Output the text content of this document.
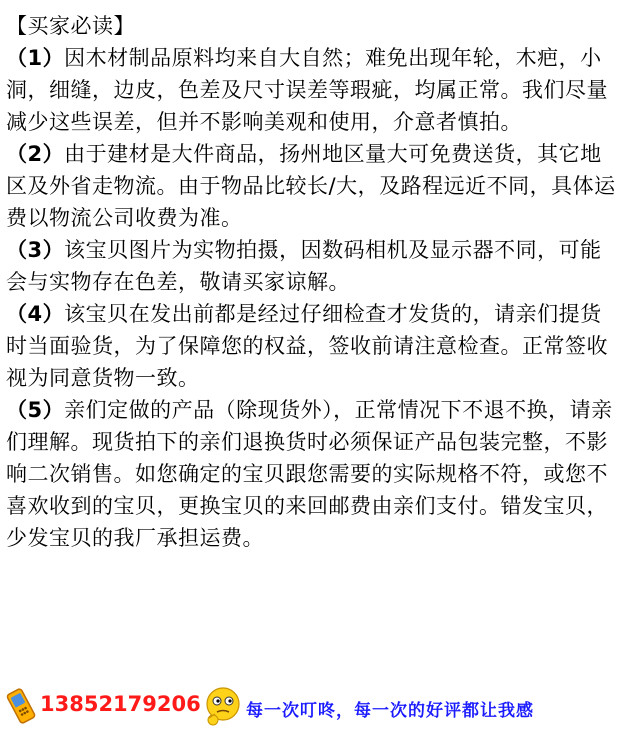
【买家必读】

（1）因木材制品原料均来自大自然；难免出现年轮，木疤，小洞，细缝，边皮，色差及尺寸误差等瑕疵，均属正常。我们尽量减少这些误差，但并不影响美观和使用，介意者慎拍。

（2）由于建材是大件商品，扬州地区量大可免费送货，其它地区及外省走物流。由于物品比较长/大，及路程远近不同，具体运费以物流公司收费为准。

（3）该宝贝图片为实物拍摄，因数码相机及显示器不同，可能会与实物存在色差，敬请买家谅解。

（4）该宝贝在发出前都是经过仔细检查才发货的，请亲们提货时当面验货，为了保障您的权益，签收前请注意检查。正常签收视为同意货物一致。

（5）亲们定做的产品（除现货外），正常情况下不退不换，请亲们理解。现货拍下的亲们退换货时必须保证产品包装完整，不影响二次销售。如您确定的宝贝跟您需要的实际规格不符，或您不喜欢收到的宝贝，更换宝贝的来回邮费由亲们支付。错发宝贝，少发宝贝的我厂承担运费。

13852179206	每一次叮咚，每一次的好评都让我感
